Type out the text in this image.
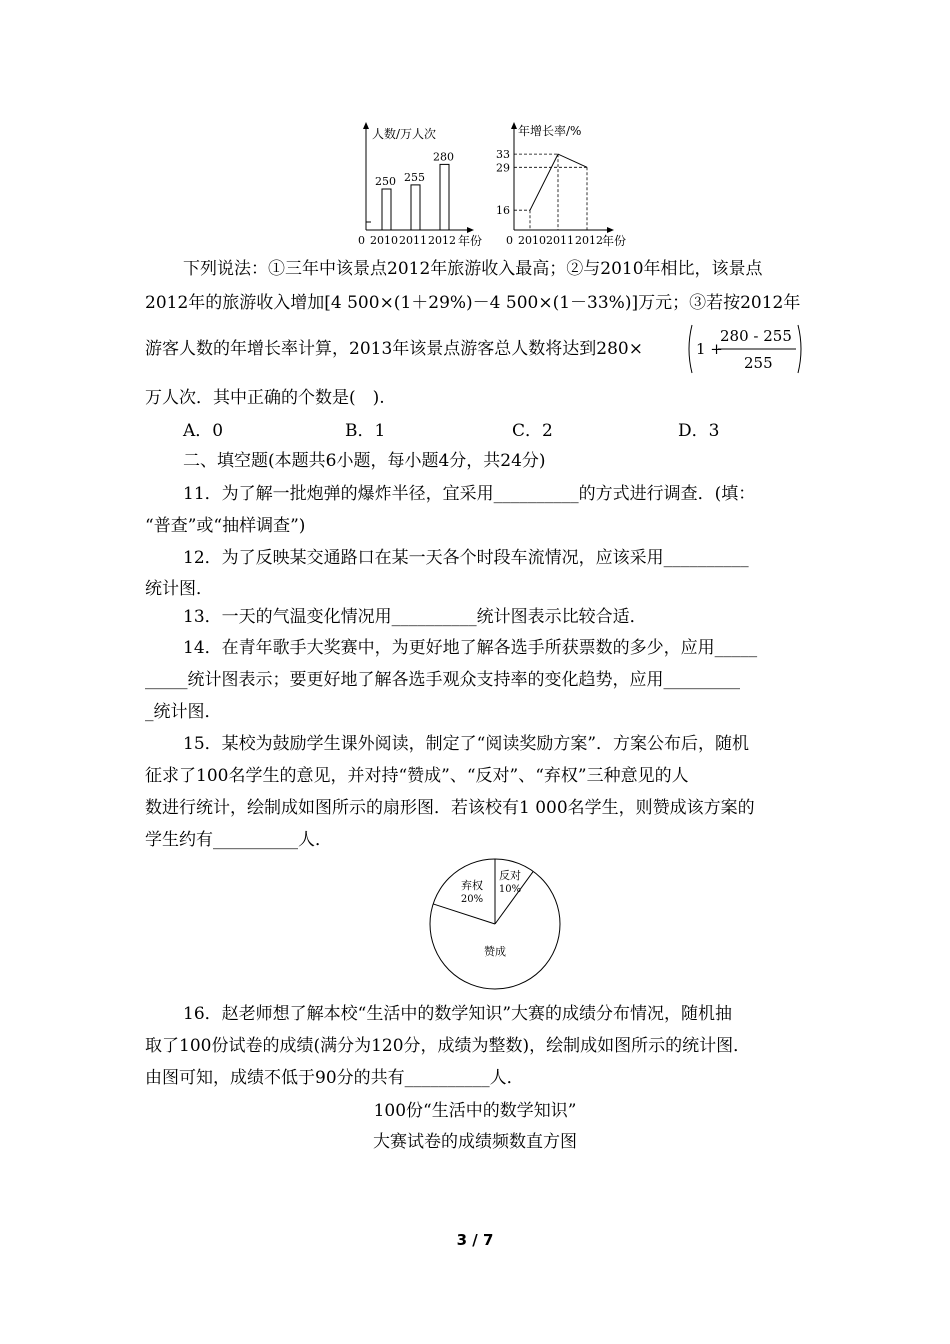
人数/万人次
250
2010
255
2011
280
2012
0	年份
年增长率/%
16
2010
33
2011
29
2012
0	年份
下列说法：①三年中该景点2012年旅游收入最高；②与2010年相比，该景点
2012年的旅游收入增加[4 500×(1＋29%)－4 500×(1－33%)]万元；③若按2012年
游客人数的年增长率计算，2013年该景点游客总人数将达到280×	1 +
280 - 255
255
万人次．其中正确的个数是(　).
A．0	B．1	C．2	D．3
二、填空题(本题共6小题，每小题4分，共24分)
11．为了解一批炮弹的爆炸半径，宜采用__________的方式进行调查．(填：
“普查”或“抽样调查”)
12．为了反映某交通路口在某一天各个时段车流情况，应该采用__________
统计图．
13．一天的气温变化情况用__________统计图表示比较合适．
14．在青年歌手大奖赛中，为更好地了解各选手所获票数的多少，应用_____
_____统计图表示；要更好地了解各选手观众支持率的变化趋势，应用_________
_统计图．
15．某校为鼓励学生课外阅读，制定了“阅读奖励方案”．方案公布后，随机
征求了100名学生的意见，并对持“赞成”、“反对”、“弃权”三种意见的人
数进行统计，绘制成如图所示的扇形图．若该校有1 000名学生，则赞成该方案的
学生约有__________人．
反对
10%
弃权
20%
赞成
16．赵老师想了解本校“生活中的数学知识”大赛的成绩分布情况，随机抽
取了100份试卷的成绩(满分为120分，成绩为整数)，绘制成如图所示的统计图．
由图可知，成绩不低于90分的共有__________人．
100份“生活中的数学知识”
大赛试卷的成绩频数直方图
3 / 7
